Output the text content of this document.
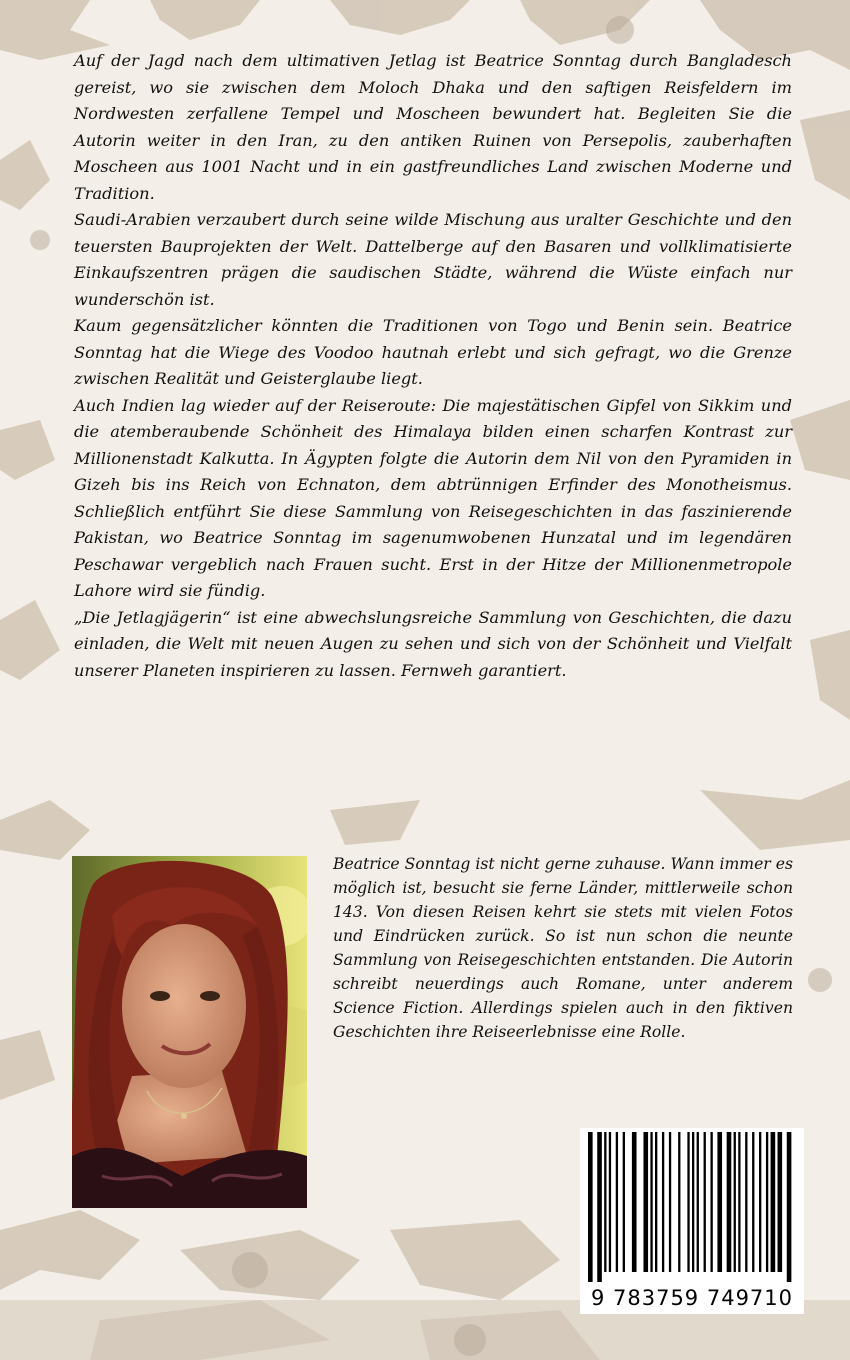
Auf der Jagd nach dem ultimativen Jetlag ist Beatrice Sonntag durch Bangladesch gereist, wo sie zwischen dem Moloch Dhaka und den saftigen Reisfeldern im Nordwesten zerfallene Tempel und Moscheen bewundert hat. Begleiten Sie die Autorin weiter in den Iran, zu den antiken Ruinen von Persepolis, zauberhaften Moscheen aus 1001 Nacht und in ein gastfreundliches Land zwischen Moderne und Tradition.

Saudi-Arabien verzaubert durch seine wilde Mischung aus uralter Geschichte und den teuersten Bauprojekten der Welt. Dattelberge auf den Basaren und vollklimatisierte Einkaufszentren prägen die saudischen Städte, während die Wüste einfach nur wunderschön ist.

Kaum gegensätzlicher könnten die Traditionen von Togo und Benin sein. Beatrice Sonntag hat die Wiege des Voodoo hautnah erlebt und sich gefragt, wo die Grenze zwischen Realität und Geisterglaube liegt.

Auch Indien lag wieder auf der Reiseroute: Die majestätischen Gipfel von Sikkim und die atemberaubende Schönheit des Himalaya bilden einen scharfen Kontrast zur Millionenstadt Kalkutta. In Ägypten folgte die Autorin dem Nil von den Pyramiden in Gizeh bis ins Reich von Echnaton, dem abtrünnigen Erfinder des Monotheismus. Schließlich entführt Sie diese Sammlung von Reisegeschichten in das faszinierende Pakistan, wo Beatrice Sonntag im sagenumwobenen Hunzatal und im legendären Peschawar vergeblich nach Frauen sucht. Erst in der Hitze der Millionenmetropole Lahore wird sie fündig.

„Die Jetlagjägerin“ ist eine abwechslungsreiche Sammlung von Geschichten, die dazu einladen, die Welt mit neuen Augen zu sehen und sich von der Schönheit und Vielfalt unserer Planeten inspirieren zu lassen. Fernweh garantiert.

Beatrice Sonntag ist nicht gerne zuhause. Wann immer es möglich ist, besucht sie ferne Länder, mittlerweile schon 143. Von diesen Reisen kehrt sie stets mit vielen Fotos und Eindrücken zurück. So ist nun schon die neunte Sammlung von Reisegeschichten entstanden. Die Autorin schreibt neuerdings auch Romane, unter anderem Science Fiction. Allerdings spielen auch in den fiktiven Geschichten ihre Reiseerlebnisse eine Rolle.

9 783759 749710
